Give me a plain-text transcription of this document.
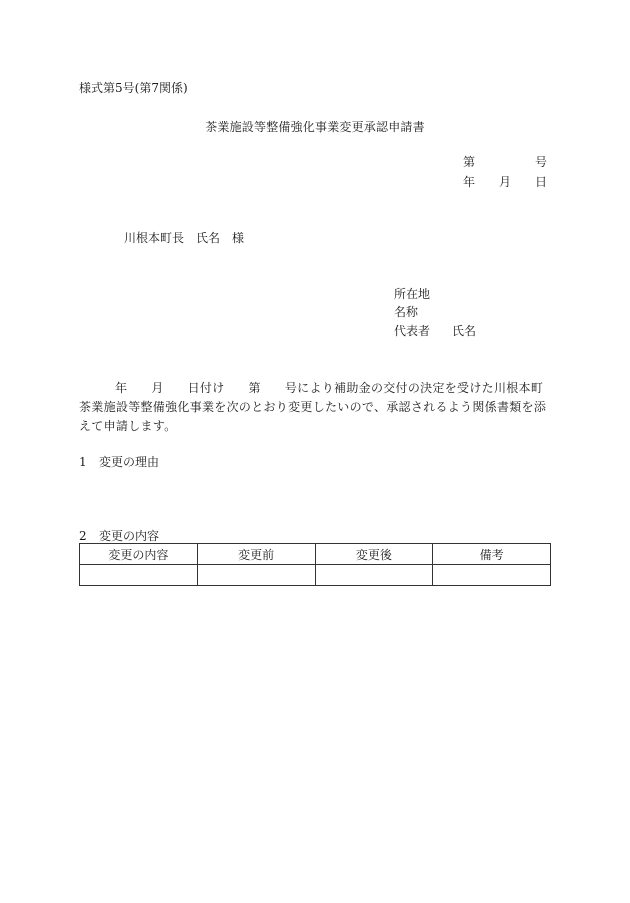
様式第5号(第7関係)
茶業施設等整備強化事業変更承認申請書
第	号
年 月 日
川根本町長　氏名　様
所在地
名称
代表者 氏名
年 月 日付け 第 号により補助金の交付の決定を受けた川根本町茶業施設等整備強化事業を次のとおり変更したいので、承認されるよう関係書類を添えて申請します。
1 変更の理由
2 変更の内容
変更の内容	変更前	変更後	備考
